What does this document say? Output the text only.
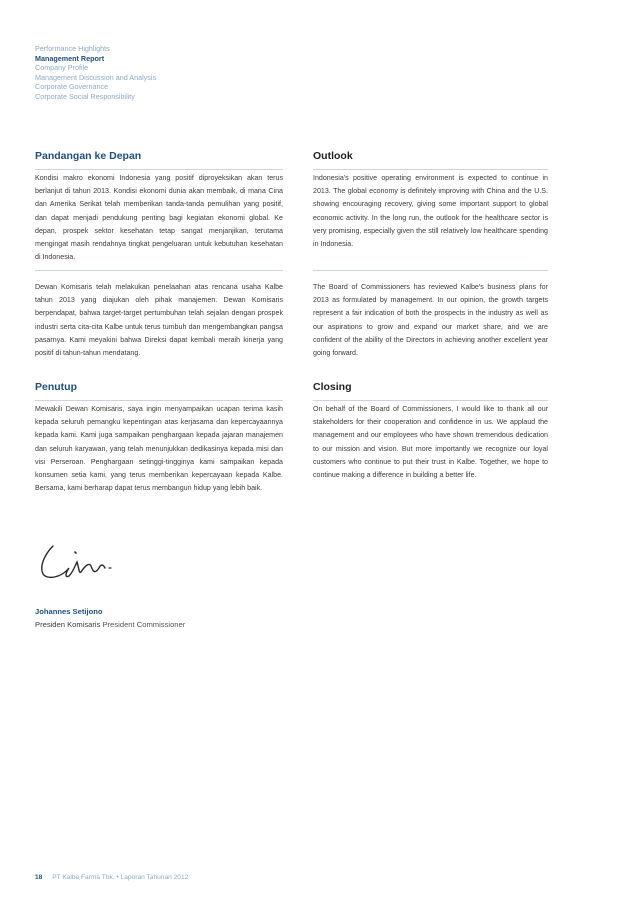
Performance Highlights
Management Report
Company Profile
Management Discussion and Analysis
Corporate Governance
Corporate Social Responsibility
Pandangan ke Depan

Kondisi makro ekonomi Indonesia yang positif diproyeksikan akan terus berlanjut di tahun 2013. Kondisi ekonomi dunia akan membaik, di mana Cina dan Amerika Serikat telah memberikan tanda-tanda pemulihan yang positif, dan dapat menjadi pendukung penting bagi kegiatan ekonomi global. Ke depan, prospek sektor kesehatan tetap sangat menjanjikan, terutama mengingat masih rendahnya tingkat pengeluaran untuk kebutuhan kesehatan di Indonesia.

Dewan Komisaris telah melakukan penelaahan atas rencana usaha Kalbe tahun 2013 yang diajukan oleh pihak manajemen. Dewan Komisaris berpendapat, bahwa target-target pertumbuhan telah sejalan dengan prospek industri serta cita-cita Kalbe untuk terus tumbuh dan mengembangkan pangsa pasarnya. Kami meyakini bahwa Direksi dapat kembali meraih kinerja yang positif di tahun-tahun mendatang.

Penutup

Mewakili Dewan Komisaris, saya ingin menyampaikan ucapan terima kasih kepada seluruh pemangku kepentingan atas kerjasama dan kepercayaannya kepada kami. Kami juga sampaikan penghargaan kepada jajaran manajemen dan seluruh karyawan, yang telah menunjukkan dedikasinya kepada misi dan visi Perseroan. Penghargaan setinggi-tingginya kami sampaikan kepada konsumen setia kami, yang terus memberikan kepercayaan kepada Kalbe. Bersama, kami berharap dapat terus membangun hidup yang lebih baik.

Outlook

Indonesia's positive operating environment is expected to continue in 2013. The global economy is definitely improving with China and the U.S. showing encouraging recovery, giving some important support to global economic activity. In the long run, the outlook for the healthcare sector is very promising, especially given the still relatively low healthcare spending in Indonesia.

The Board of Commissioners has reviewed Kalbe's business plans for 2013 as formulated by management. In our opinion, the growth targets represent a fair indication of both the prospects in the industry as well as our aspirations to grow and expand our market share, and we are confident of the ability of the Directors in achieving another excellent year going forward.

Closing

On behalf of the Board of Commissioners, I would like to thank all our stakeholders for their cooperation and confidence in us. We applaud the management and our employees who have shown tremendous dedication to our mission and vision. But more importantly we recognize our loyal customers who continue to put their trust in Kalbe. Together, we hope to continue making a difference in building a better life.

Johannes Setijono
Presiden Komisaris President Commissioner
18 PT Kalbe Farma Tbk. • Laporan Tahunan 2012
